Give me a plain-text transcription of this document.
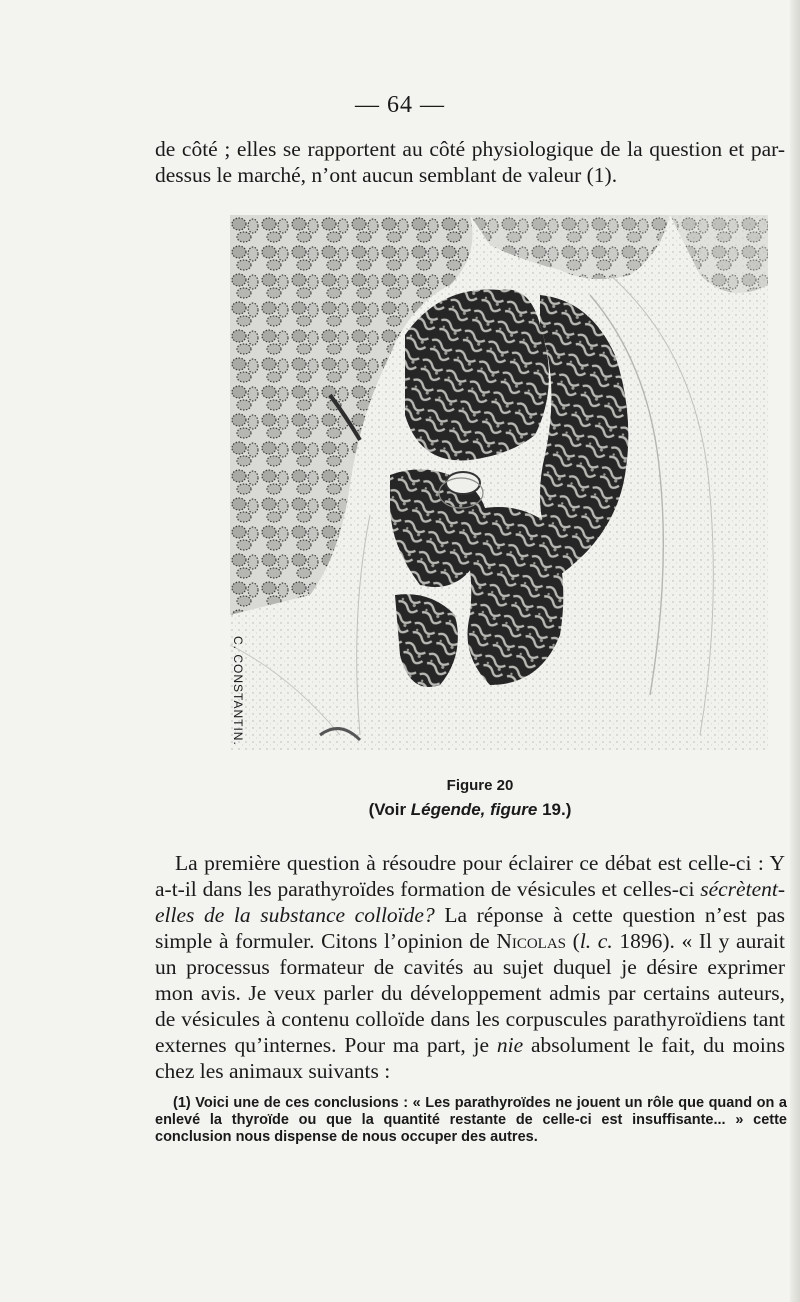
— 64 —

de côté ; elles se rapportent au côté physiologique de la question et par-dessus le marché, n’ont aucun semblant de valeur (1).

C. CONSTANTIN.
Figure 20
(Voir Légende, figure 19.)

La première question à résoudre pour éclairer ce débat est celle-ci : Y a-t-il dans les parathyroïdes formation de vésicules et celles-ci sécrètent-elles de la substance colloïde? La réponse à cette question n’est pas simple à formuler. Citons l’opinion de Nicolas (l. c. 1896). « Il y aurait un processus formateur de cavités au sujet duquel je désire exprimer mon avis. Je veux parler du développement admis par certains auteurs, de vésicules à contenu colloïde dans les corpuscules parathyroïdiens tant externes qu’internes. Pour ma part, je nie absolument le fait, du moins chez les animaux suivants :

(1) Voici une de ces conclusions : « Les parathyroïdes ne jouent un rôle que quand on a enlevé la thyroïde ou que la quantité restante de celle-ci est insuffisante... » cette conclusion nous dispense de nous occuper des autres.
